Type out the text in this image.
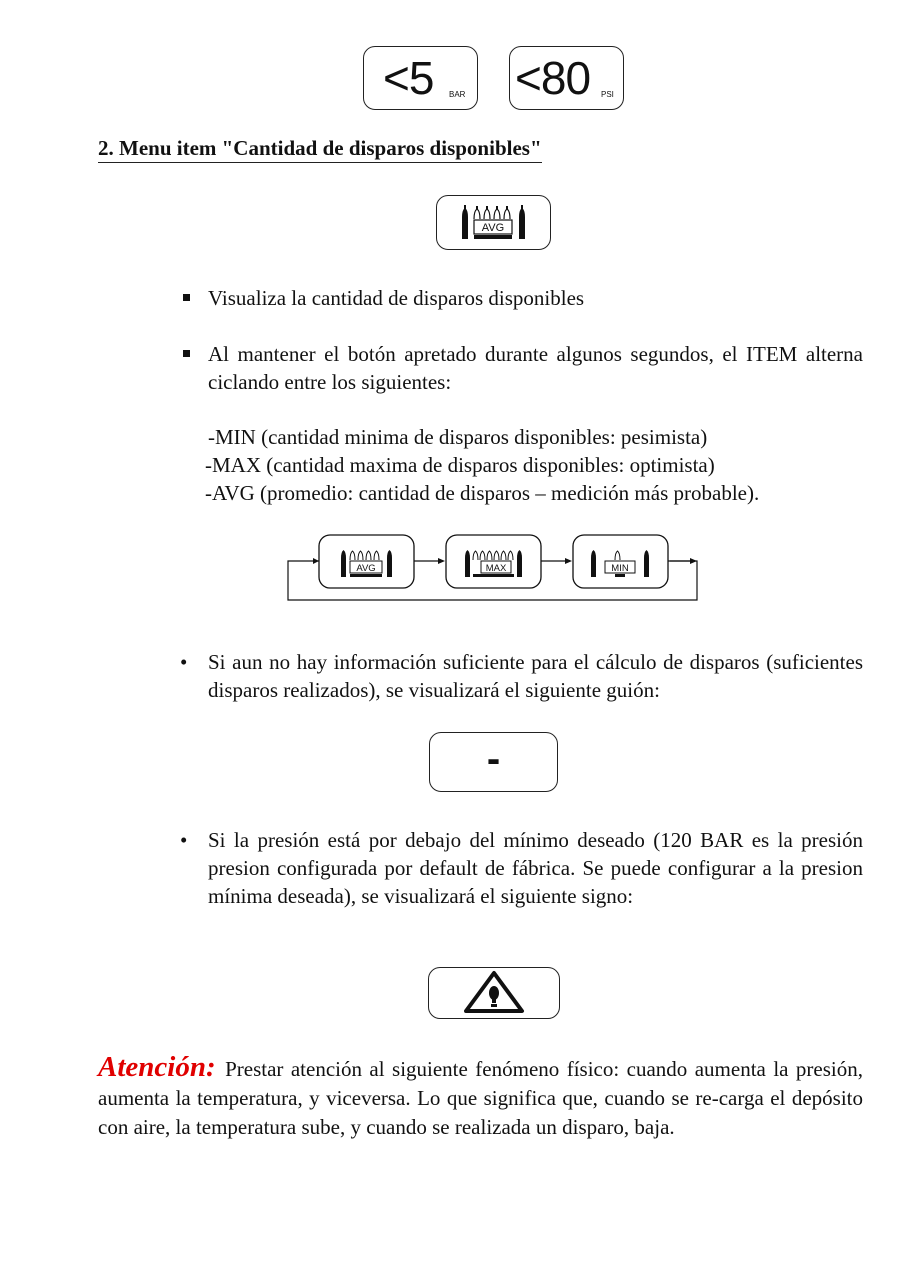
<5 BAR <80 PSI
2. Menu item "Cantidad de disparos disponibles"
AVG
Visualiza la cantidad de disparos disponibles
Al mantener el botón apretado durante algunos segundos, el ITEM alterna ciclando entre los siguientes:
-MIN (cantidad minima de disparos disponibles: pesimista)
-MAX (cantidad maxima de disparos disponibles: optimista)
-AVG (promedio: cantidad de disparos – medición más probable).
AVG	MAX	MIN
• Si aun no hay información suficiente para el cálculo de disparos (suficientes disparos realizados), se visualizará el siguiente guión:
-
• Si la presión está por debajo del mínimo deseado (120 BAR es la presión presion configurada por default de fábrica. Se puede configurar a la presion mínima deseada), se visualizará el siguiente signo:
Atención: Prestar atención al siguiente fenómeno físico: cuando aumenta la presión, aumenta la temperatura, y viceversa. Lo que significa que, cuando se re-carga el depósito con aire, la temperatura sube, y cuando se realizada un disparo, baja.
